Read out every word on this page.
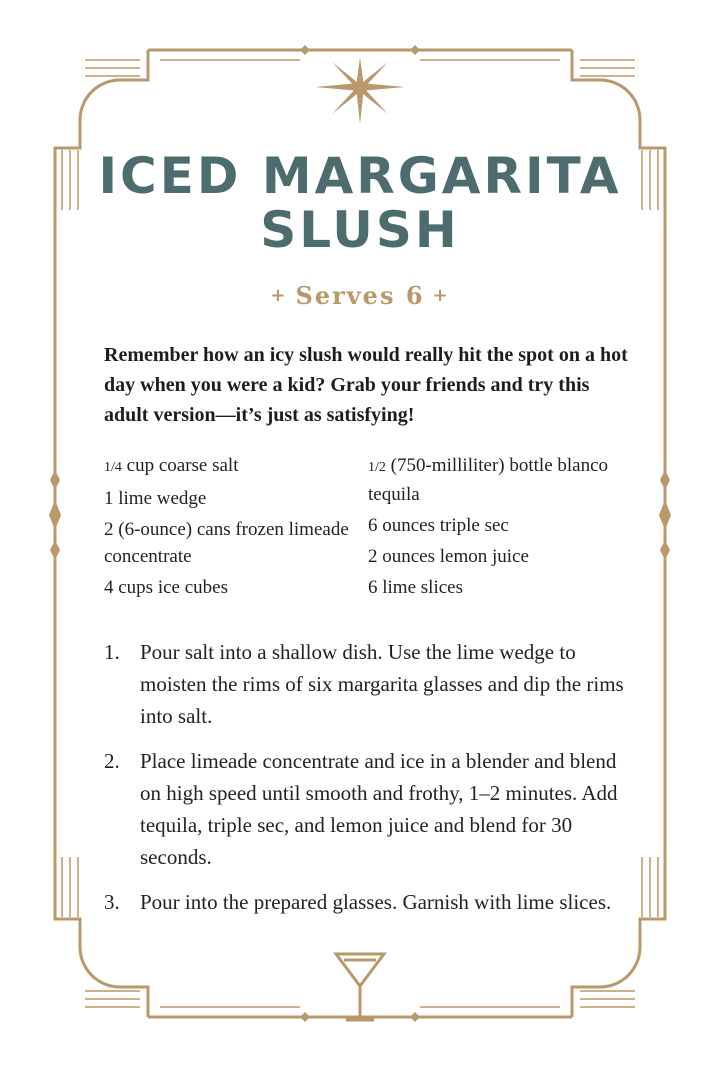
ICED MARGARITA
SLUSH
+ Serves 6 +
Remember how an icy slush would really hit the spot on a hot day when you were a kid? Grab your friends and try this adult version—it’s just as satisfying!
1/4 cup coarse salt
1 lime wedge
2 (6-ounce) cans frozen limeade concentrate
4 cups ice cubes
1/2 (750-milliliter) bottle blanco tequila
6 ounces triple sec
2 ounces lemon juice
6 lime slices
1. Pour salt into a shallow dish. Use the lime wedge to moisten the rims of six margarita glasses and dip the rims into salt.
2. Place limeade concentrate and ice in a blender and blend on high speed until smooth and frothy, 1–2 minutes. Add tequila, triple sec, and lemon juice and blend for 30 seconds.
3. Pour into the prepared glasses. Garnish with lime slices.
